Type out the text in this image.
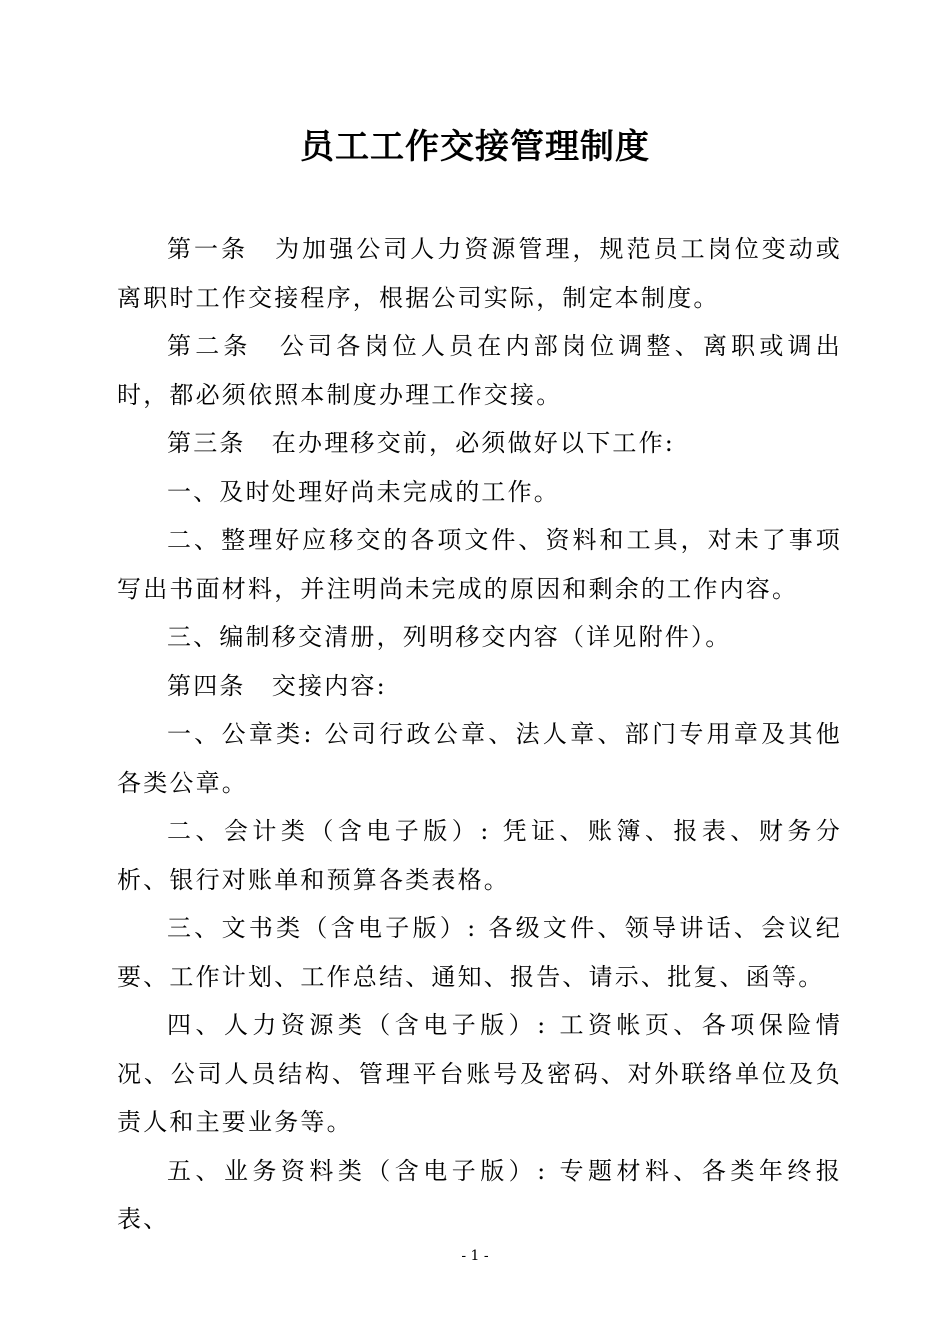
员工工作交接管理制度

第一条　为加强公司人力资源管理，规范员工岗位变动或离职时工作交接程序，根据公司实际，制定本制度。

第二条　公司各岗位人员在内部岗位调整、离职或调出时，都必须依照本制度办理工作交接。

第三条　在办理移交前，必须做好以下工作:

一、及时处理好尚未完成的工作。

二、整理好应移交的各项文件、资料和工具，对未了事项写出书面材料，并注明尚未完成的原因和剩余的工作内容。

三、编制移交清册，列明移交内容（详见附件）。

第四条　交接内容:

一、公章类: 公司行政公章、法人章、部门专用章及其他各类公章。

二、会计类（含电子版）: 凭证、账簿、报表、财务分析、银行对账单和预算各类表格。

三、文书类（含电子版）: 各级文件、领导讲话、会议纪要、工作计划、工作总结、通知、报告、请示、批复、函等。

四、人力资源类（含电子版）: 工资帐页、各项保险情况、公司人员结构、管理平台账号及密码、对外联络单位及负责人和主要业务等。

五、业务资料类（含电子版）: 专题材料、各类年终报表、

- 1 -
